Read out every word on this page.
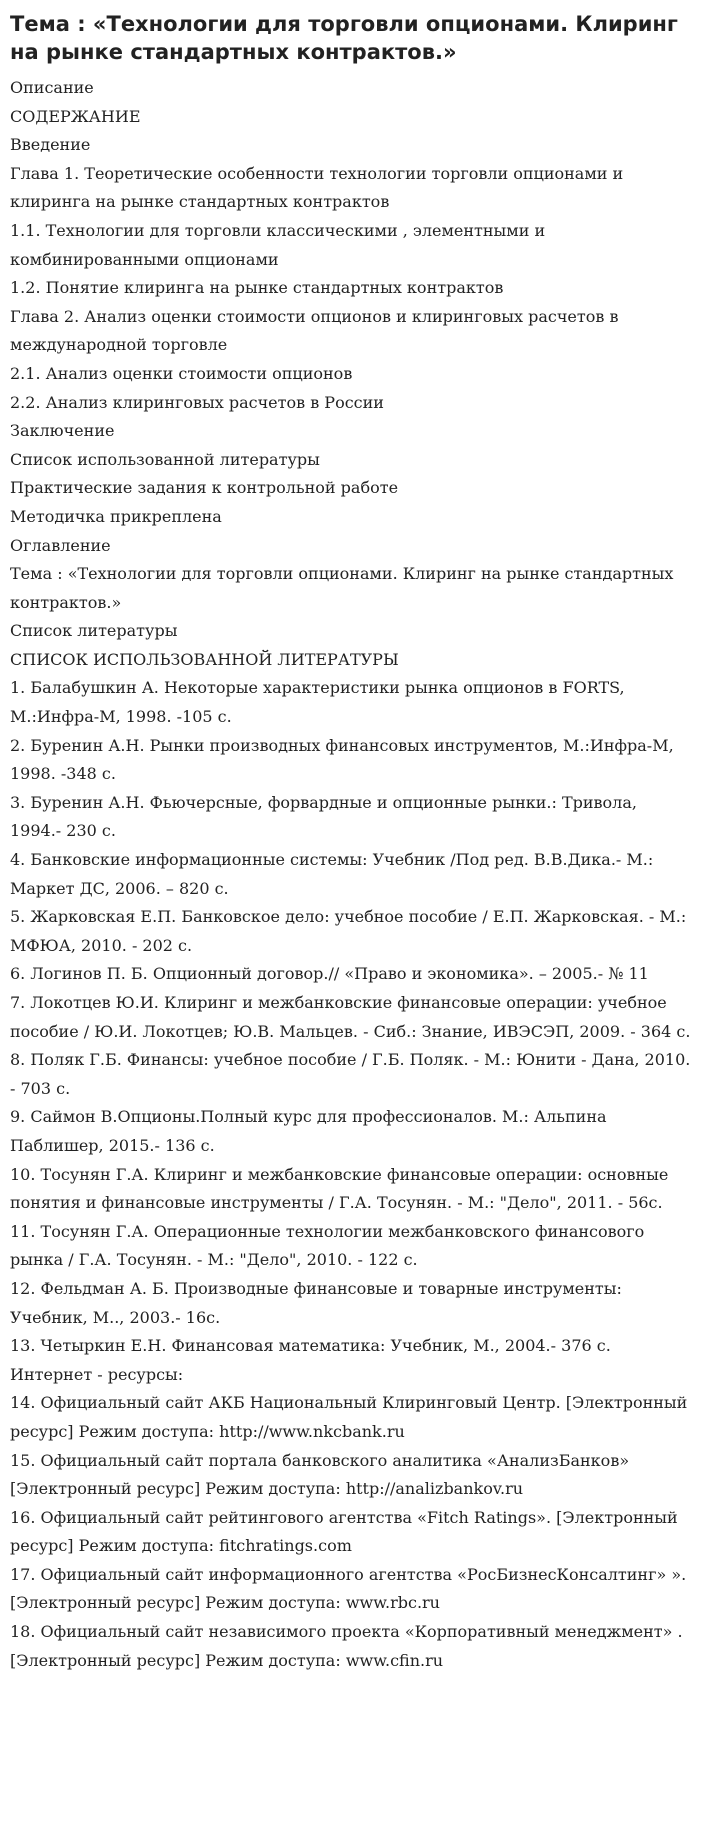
Тема : «Технологии для торговли опционами. Клиринг на рынке стандартных контрактов.»
Описание
СОДЕРЖАНИЕ
Введение
Глава 1. Теоретические особенности технологии торговли опционами и клиринга на рынке стандартных контрактов
1.1. Технологии для торговли классическими , элементными и комбинированными опционами
1.2. Понятие клиринга на рынке стандартных контрактов
Глава 2. Анализ оценки стоимости опционов и клиринговых расчетов в международной торговле
2.1. Анализ оценки стоимости опционов
2.2. Анализ клиринговых расчетов в России
Заключение
Список использованной литературы
Практические задания к контрольной работе
Методичка прикреплена
Оглавление
Тема : «Технологии для торговли опционами. Клиринг на рынке стандартных контрактов.»
Список литературы
СПИСОК ИСПОЛЬЗОВАННОЙ ЛИТЕРАТУРЫ
1. Балабушкин А. Некоторые характеристики рынка опционов в FORTS, М.:Инфра-М, 1998. -105 с.
2. Буренин А.Н. Рынки производных финансовых инструментов, М.:Инфра-М, 1998. -348 с.
3. Буренин А.Н. Фьючерсные, форвардные и опционные рынки.: Тривола, 1994.- 230 с.
4. Банковские информационные системы: Учебник /Под ред. В.В.Дика.- М.: Маркет ДС, 2006. – 820 с.
5. Жарковская Е.П. Банковское дело: учебное пособие / Е.П. Жарковская. - М.: МФЮА, 2010. - 202 с.
6. Логинов П. Б. Опционный договор.// «Право и экономика». – 2005.- № 11
7. Локотцев Ю.И. Клиринг и межбанковские финансовые операции: учебное пособие / Ю.И. Локотцев; Ю.В. Мальцев. - Сиб.: Знание, ИВЭСЭП, 2009. - 364 с.
8. Поляк Г.Б. Финансы: учебное пособие / Г.Б. Поляк. - М.: Юнити - Дана, 2010. - 703 с.
9. Саймон В.Опционы.Полный курс для профессионалов. М.: Альпина Паблишер, 2015.- 136 с.
10. Тосунян Г.А. Клиринг и межбанковские финансовые операции: основные понятия и финансовые инструменты / Г.А. Тосунян. - М.: "Дело", 2011. - 56с.
11. Тосунян Г.А. Операционные технологии межбанковского финансового рынка / Г.А. Тосунян. - М.: "Дело", 2010. - 122 с.
12. Фельдман А. Б. Производные финансовые и товарные инструменты: Учебник, М.., 2003.- 16с.
13. Четыркин Е.Н. Финансовая математика: Учебник, М., 2004.- 376 с.
Интернет - ресурсы:
14. Официальный сайт АКБ Национальный Клиринговый Центр. [Электронный ресурс] Режим доступа: http://www.nkcbank.ru
15. Официальный сайт портала банковского аналитика «АнализБанков» [Электронный ресурс] Режим доступа: http://analizbankov.ru
16. Официальный сайт рейтингового агентства «Fitch Ratings». [Электронный ресурс] Режим доступа: fitchratings.com
17. Официальный сайт информационного агентства «РосБизнесКонсалтинг» ». [Электронный ресурс] Режим доступа: www.rbc.ru
18. Официальный сайт независимого проекта «Корпоративный менеджмент» . [Электронный ресурс] Режим доступа: www.cfin.ru
